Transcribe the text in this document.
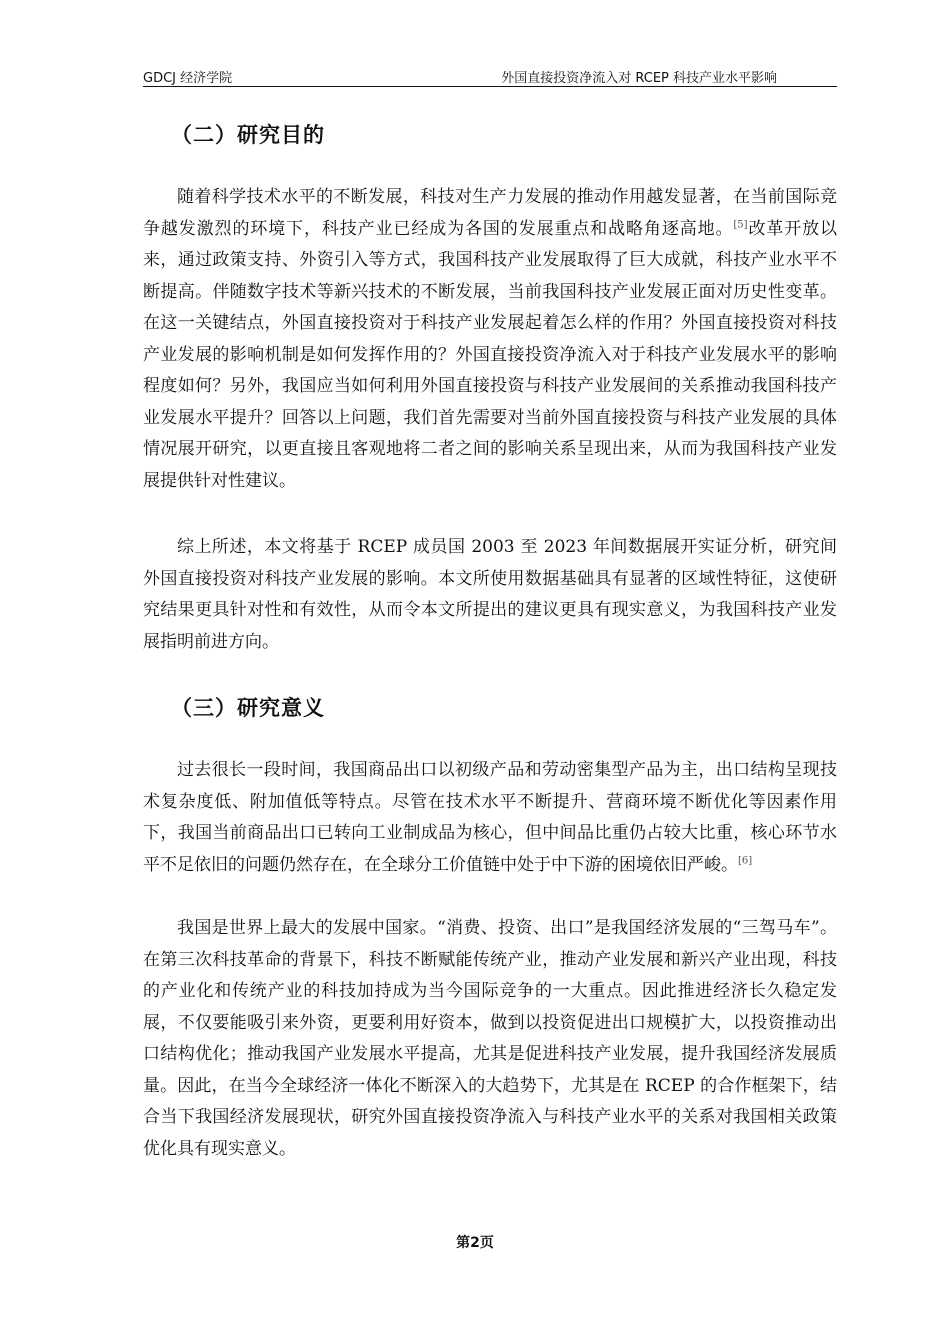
GDCJ 经济学院	外国直接投资净流入对 RCEP 科技产业水平影响
（二）研究目的

随着科学技术水平的不断发展，科技对生产力发展的推动作用越发显著，在当前国际竞争越发激烈的环境下，科技产业已经成为各国的发展重点和战略角逐高地。[5]改革开放以来，通过政策支持、外资引入等方式，我国科技产业发展取得了巨大成就，科技产业水平不断提高。伴随数字技术等新兴技术的不断发展，当前我国科技产业发展正面对历史性变革。在这一关键结点，外国直接投资对于科技产业发展起着怎么样的作用？外国直接投资对科技产业发展的影响机制是如何发挥作用的？外国直接投资净流入对于科技产业发展水平的影响程度如何？另外，我国应当如何利用外国直接投资与科技产业发展间的关系推动我国科技产业发展水平提升？回答以上问题，我们首先需要对当前外国直接投资与科技产业发展的具体情况展开研究，以更直接且客观地将二者之间的影响关系呈现出来，从而为我国科技产业发展提供针对性建议。

综上所述，本文将基于 RCEP 成员国 2003 至 2023 年间数据展开实证分析，研究间外国直接投资对科技产业发展的影响。本文所使用数据基础具有显著的区域性特征，这使研究结果更具针对性和有效性，从而令本文所提出的建议更具有现实意义，为我国科技产业发展指明前进方向。

（三）研究意义

过去很长一段时间，我国商品出口以初级产品和劳动密集型产品为主，出口结构呈现技术复杂度低、附加值低等特点。尽管在技术水平不断提升、营商环境不断优化等因素作用下，我国当前商品出口已转向工业制成品为核心，但中间品比重仍占较大比重，核心环节水平不足依旧的问题仍然存在，在全球分工价值链中处于中下游的困境依旧严峻。[6]

我国是世界上最大的发展中国家。“消费、投资、出口”是我国经济发展的“三驾马车”。在第三次科技革命的背景下，科技不断赋能传统产业，推动产业发展和新兴产业出现，科技的产业化和传统产业的科技加持成为当今国际竞争的一大重点。因此推进经济长久稳定发展，不仅要能吸引来外资，更要利用好资本，做到以投资促进出口规模扩大，以投资推动出口结构优化；推动我国产业发展水平提高，尤其是促进科技产业发展，提升我国经济发展质量。因此，在当今全球经济一体化不断深入的大趋势下，尤其是在 RCEP 的合作框架下，结合当下我国经济发展现状，研究外国直接投资净流入与科技产业水平的关系对我国相关政策优化具有现实意义。

第2页
